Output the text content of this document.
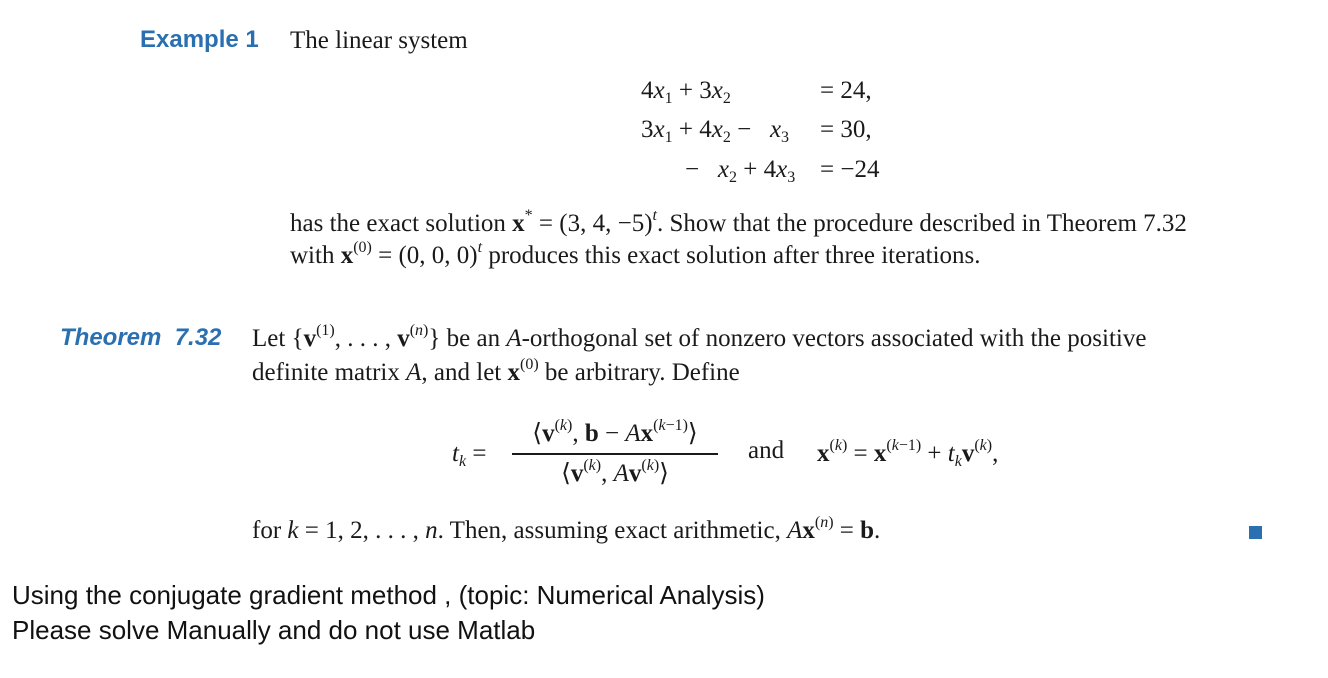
Example 1 The linear system
$4x_1 + 3x_2$	= 24,
$3x_1 + 4x_2 - x_3 = 30$,
−   $x_2 + 4x_3 = -24$
has the exact solution x* = (3, 4, −5)$^t$. Show that the procedure described in Theorem 7.32
with $x^{(0)} = (0$, 0, 0)$^t$ produces this exact solution after three iterations.
Theorem  7.32 Let {$v^{(1)}$, . . . , $v^{(n)}$} be an A-orthogonal set of nonzero vectors associated with the positive
definite matrix A, and let $x^{(0)}$ be arbitrary. Define
$t_k$ =
$⟨v^{(k)}$, $b - Ax^{(k-1)}⟩$
$⟨v^{(k)}$, Av$^{(k)}$⟩
and $x^{(k)} = x^{(k-1)} + t_kv^{(k)}$,
for k = 1, 2, . . . , n. Then, assuming exact arithmetic, $Ax^{(n)} = b$.
Using the conjugate gradient method , (topic: Numerical Analysis)
Please solve Manually and do not use Matlab
